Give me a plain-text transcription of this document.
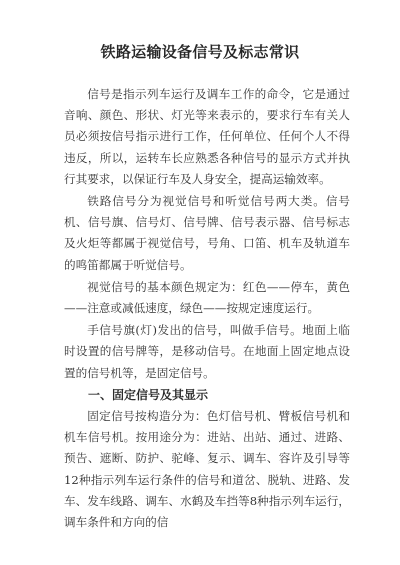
铁路运输设备信号及标志常识

信号是指示列车运行及调车工作的命令，它是通过音响、颜色、形状、灯光等来表示的，要求行车有关人员必须按信号指示进行工作，任何单位、任何个人不得违反，所以，运转车长应熟悉各种信号的显示方式并执行其要求，以保证行车及人身安全，提高运输效率。

铁路信号分为视觉信号和听觉信号两大类。信号机、信号旗、信号灯、信号牌、信号表示器、信号标志及火炬等都属于视觉信号，号角、口笛、机车及轨道车的鸣笛都属于听觉信号。

视觉信号的基本颜色规定为：红色——停车，黄色——注意或减低速度，绿色——按规定速度运行。

手信号旗(灯)发出的信号，叫做手信号。地面上临时设置的信号牌等，是移动信号。在地面上固定地点设置的信号机等，是固定信号。

一、固定信号及其显示

固定信号按构造分为：色灯信号机、臂板信号机和机车信号机。按用途分为：进站、出站、通过、进路、预告、遮断、防护、驼峰、复示、调车、容许及引导等12种指示列车运行条件的信号和道岔、脱轨、进路、发车、发车线路、调车、水鹤及车挡等8种指示列车运行，调车条件和方向的信
